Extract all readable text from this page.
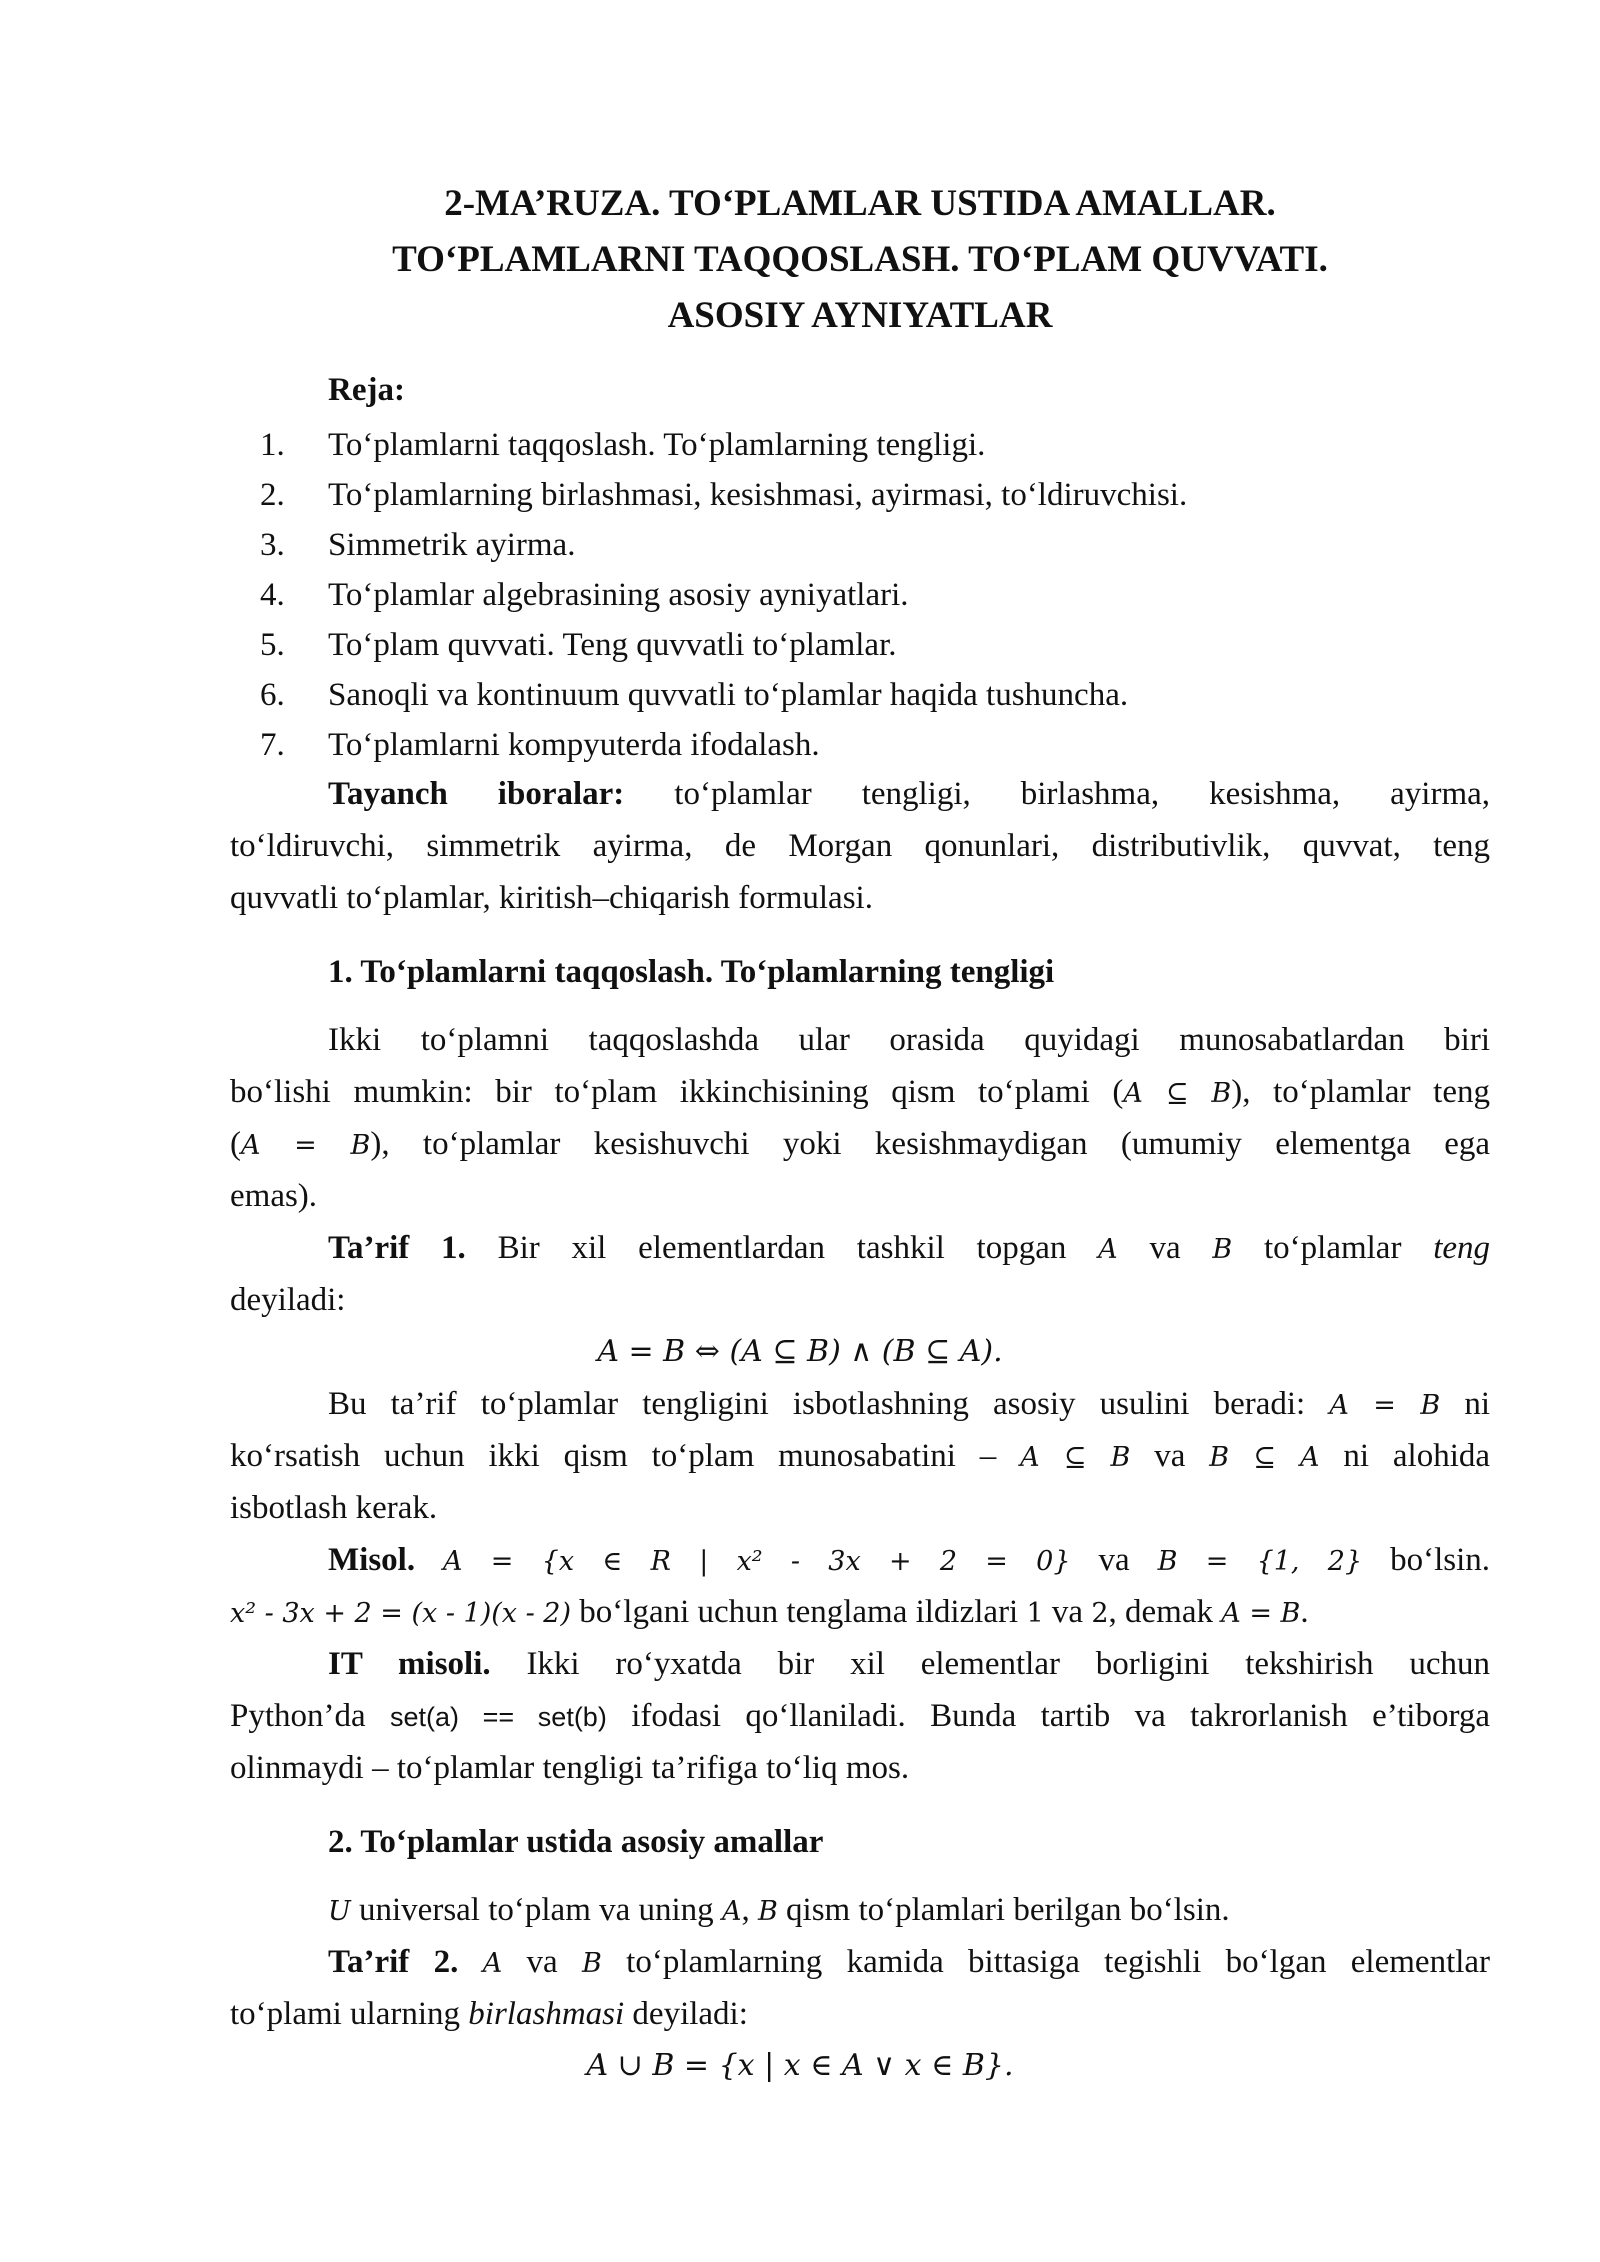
2-MA’RUZA. TO‘PLAMLAR USTIDA AMALLAR.
TO‘PLAMLARNI TAQQOSLASH. TO‘PLAM QUVVATI.
ASOSIY AYNIYATLAR
Reja:
1. To‘plamlarni taqqoslash. To‘plamlarning tengligi.
2. To‘plamlarning birlashmasi, kesishmasi, ayirmasi, to‘ldiruvchisi.
3. Simmetrik ayirma.
4. To‘plamlar algebrasining asosiy ayniyatlari.
5. To‘plam quvvati. Teng quvvatli to‘plamlar.
6. Sanoqli va kontinuum quvvatli to‘plamlar haqida tushuncha.
7. To‘plamlarni kompyuterda ifodalash.
Tayanch iboralar: to‘plamlar tengligi, birlashma, kesishma, ayirma,
to‘ldiruvchi, simmetrik ayirma, de Morgan qonunlari, distributivlik, quvvat, teng
quvvatli to‘plamlar, kiritish–chiqarish formulasi.
1. To‘plamlarni taqqoslash. To‘plamlarning tengligi
Ikki to‘plamni taqqoslashda ular orasida quyidagi munosabatlardan biri
bo‘lishi mumkin: bir to‘plam ikkinchisining qism to‘plami (A ⊆ B), to‘plamlar teng
(A = B), to‘plamlar kesishuvchi yoki kesishmaydigan (umumiy elementga ega
emas).
Ta’rif 1. Bir xil elementlardan tashkil topgan A va B to‘plamlar teng
deyiladi:
A = B ⇔ (A ⊆ B) ∧ (B ⊆ A).
Bu ta’rif to‘plamlar tengligini isbotlashning asosiy usulini beradi: A = B ni
ko‘rsatish uchun ikki qism to‘plam munosabatini – A ⊆ B va B ⊆ A ni alohida
isbotlash kerak.
Misol. A = {x ∈ R | x² - 3x + 2 = 0} va B = {1, 2} bo‘lsin.
x² - 3x + 2 = (x - 1)(x - 2) bo‘lgani uchun tenglama ildizlari 1 va 2, demak A = B.
IT misoli. Ikki ro‘yxatda bir xil elementlar borligini tekshirish uchun
Python’da set(a) == set(b) ifodasi qo‘llaniladi. Bunda tartib va takrorlanish e’tiborga
olinmaydi – to‘plamlar tengligi ta’rifiga to‘liq mos.
2. To‘plamlar ustida asosiy amallar
U universal to‘plam va uning A, B qism to‘plamlari berilgan bo‘lsin.
Ta’rif 2. A va B to‘plamlarning kamida bittasiga tegishli bo‘lgan elementlar
to‘plami ularning birlashmasi deyiladi:
A ∪ B = {x | x ∈ A ∨ x ∈ B}.
